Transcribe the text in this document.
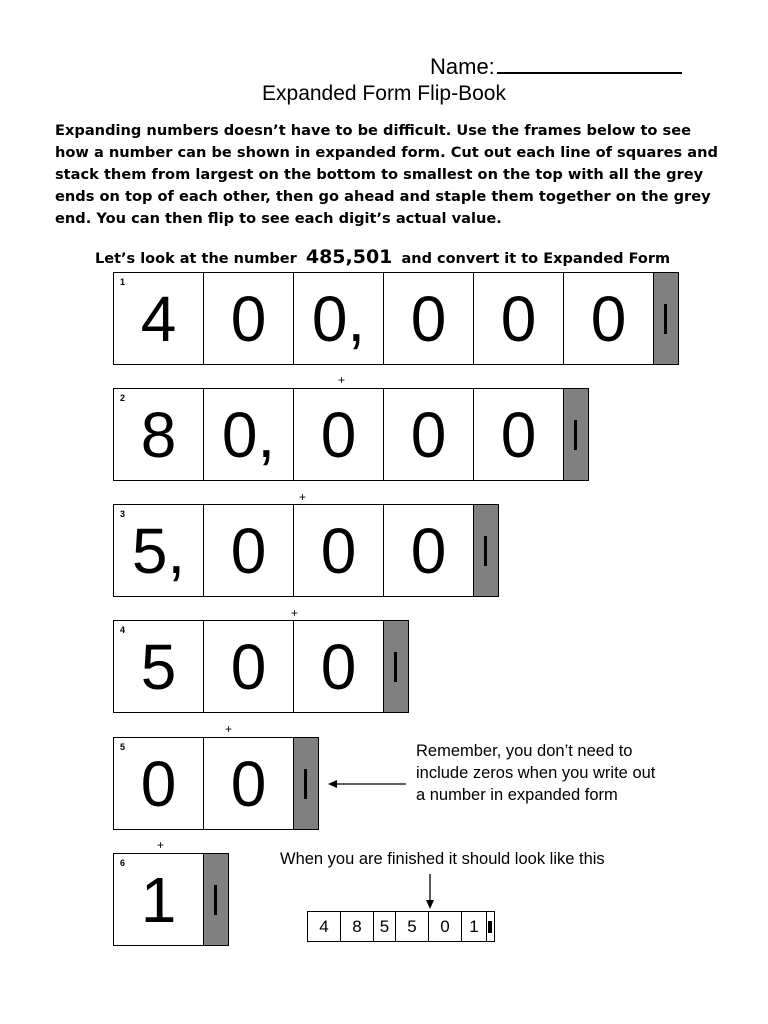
Name:
Expanded Form Flip-Book
Expanding numbers doesn’t have to be difficult. Use the frames below to see how a number can be shown in expanded form. Cut out each line of squares and stack them from largest on the bottom to smallest on the top with all the grey ends on top of each other, then go ahead and staple them together on the grey end. You can then flip to see each digit’s actual value.
Let’s look at the number 485,501 and convert it to Expanded Form
1
4 0 0, 0 0 0
2
8 0, 0 0 0
3
5, 0 0 0
4
5 0 0
5
0 0
6
1
+
+
+
+
+
Remember, you don’t need to include zeros when you write out a number in expanded form
When you are finished it should look like this
4	8	5	5	0	1
